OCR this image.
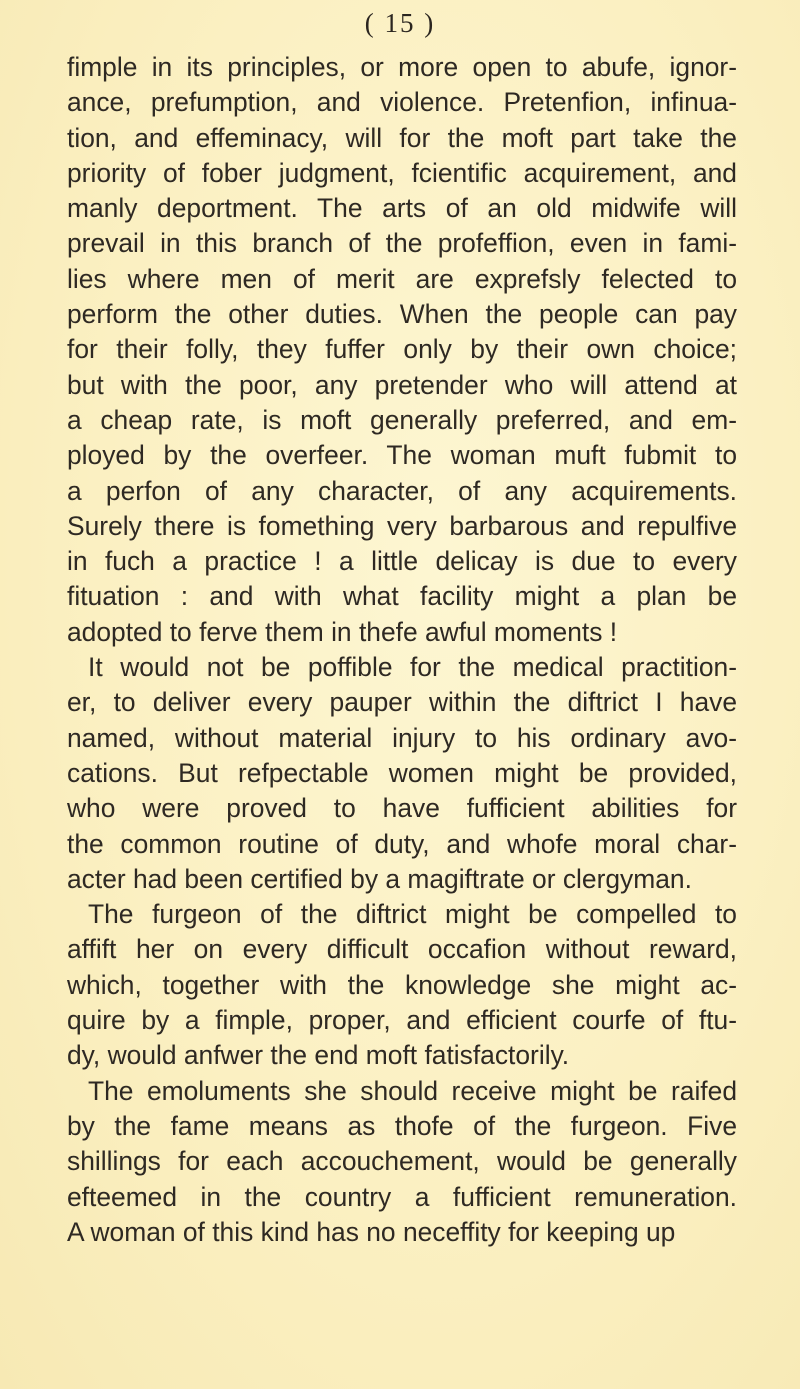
( 15 )
fimple in its principles, or more open to abufe, ignor-
ance, prefumption, and violence. Pretenfion, infinua-
tion, and effeminacy, will for the moft part take the
priority of fober judgment, fcientific acquirement, and
manly deportment. The arts of an old midwife will
prevail in this branch of the profeffion, even in fami-
lies where men of merit are exprefsly felected to
perform the other duties. When the people can pay
for their folly, they fuffer only by their own choice;
but with the poor, any pretender who will attend at
a cheap rate, is moft generally preferred, and em-
ployed by the overfeer. The woman muft fubmit to
a perfon of any character, of any acquirements.
Surely there is fomething very barbarous and repulfive
in fuch a practice ! a little delicay is due to every
fituation : and with what facility might a plan be
adopted to ferve them in thefe awful moments !
It would not be poffible for the medical practition-
er, to deliver every pauper within the diftrict I have
named, without material injury to his ordinary avo-
cations. But refpectable women might be provided,
who were proved to have fufficient abilities for
the common routine of duty, and whofe moral char-
acter had been certified by a magiftrate or clergyman.
The furgeon of the diftrict might be compelled to
affift her on every difficult occafion without reward,
which, together with the knowledge she might ac-
quire by a fimple, proper, and efficient courfe of ftu-
dy, would anfwer the end moft fatisfactorily.
The emoluments she should receive might be raifed
by the fame means as thofe of the furgeon. Five
shillings for each accouchement, would be generally
efteemed in the country a fufficient remuneration.
A woman of this kind has no neceffity for keeping up
